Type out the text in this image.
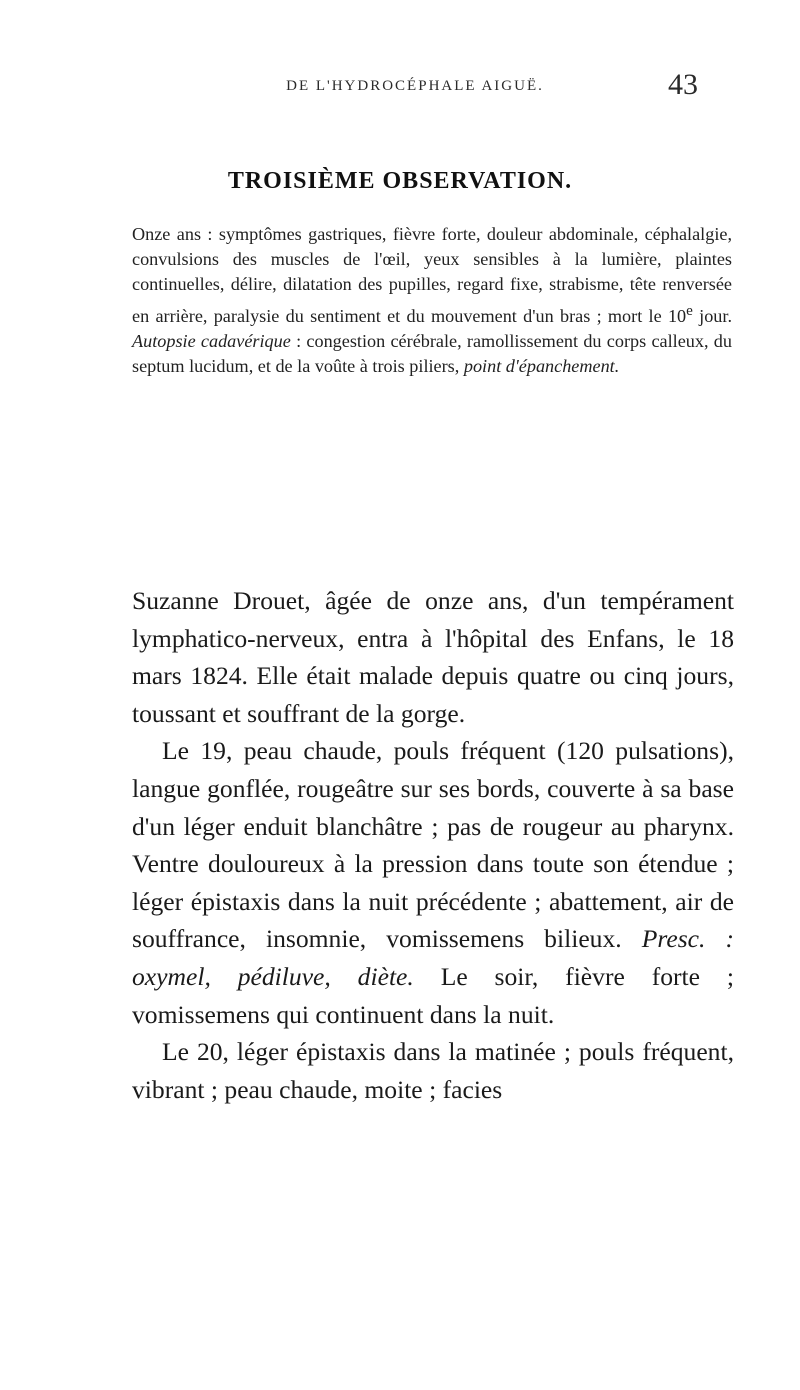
DE L'HYDROCÉPHALE AIGUË.	43
TROISIÈME OBSERVATION.
Onze ans : symptômes gastriques, fièvre forte, douleur abdominale, céphalalgie, convulsions des muscles de l'œil, yeux sensibles à la lumière, plaintes continuelles, délire, dilatation des pupilles, regard fixe, strabisme, tête renversée en arrière, paralysie du sentiment et du mouvement d'un bras ; mort le 10e jour. Autopsie cadavérique : congestion cérébrale, ramollissement du corps calleux, du septum lucidum, et de la voûte à trois piliers, point d'épanchement.

Suzanne Drouet, âgée de onze ans, d'un tempérament lymphatico-nerveux, entra à l'hôpital des Enfans, le 18 mars 1824. Elle était malade depuis quatre ou cinq jours, toussant et souffrant de la gorge.

Le 19, peau chaude, pouls fréquent (120 pulsations), langue gonflée, rougeâtre sur ses bords, couverte à sa base d'un léger enduit blanchâtre ; pas de rougeur au pharynx. Ventre douloureux à la pression dans toute son étendue ; léger épistaxis dans la nuit précédente ; abattement, air de souffrance, insomnie, vomissemens bilieux. Presc. : oxymel, pédiluve, diète. Le soir, fièvre forte ; vomissemens qui continuent dans la nuit.

Le 20, léger épistaxis dans la matinée ; pouls fréquent, vibrant ; peau chaude, moite ; facies
